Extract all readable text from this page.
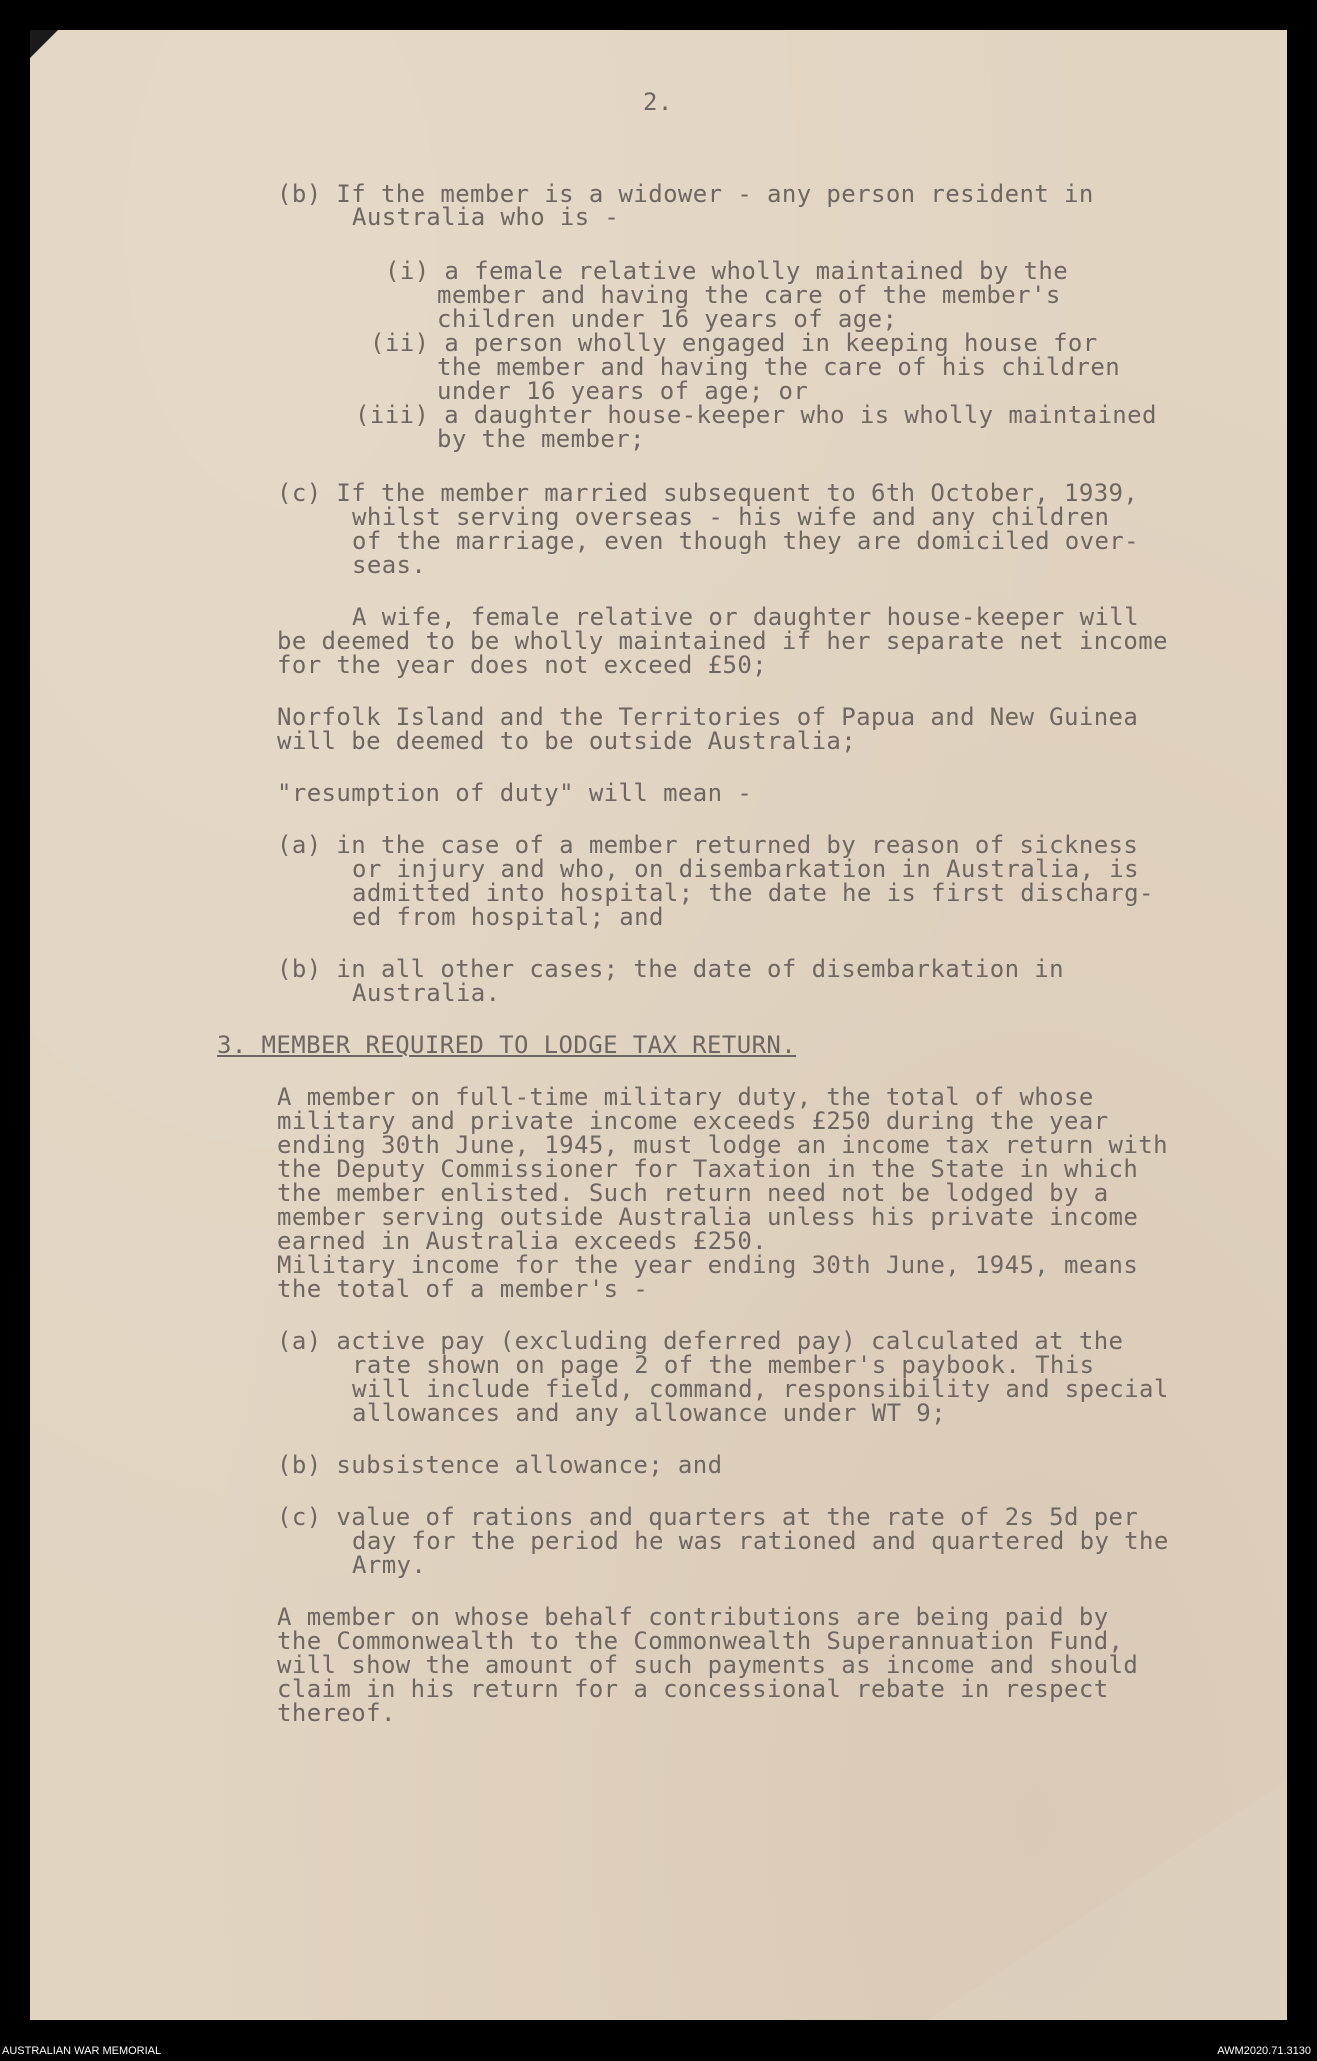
2.
(b) If the member is a widower - any person resident in
Australia who is -
(i) a female relative wholly maintained by the
member and having the care of the member's
children under 16 years of age;
(ii) a person wholly engaged in keeping house for
the member and having the care of his children
under 16 years of age; or
(iii) a daughter house-keeper who is wholly maintained
by the member;
(c) If the member married subsequent to 6th October, 1939,
whilst serving overseas - his wife and any children
of the marriage, even though they are domiciled over-
seas.
A wife, female relative or daughter house-keeper will
be deemed to be wholly maintained if her separate net income
for the year does not exceed £50;
Norfolk Island and the Territories of Papua and New Guinea
will be deemed to be outside Australia;
"resumption of duty" will mean -
(a) in the case of a member returned by reason of sickness
or injury and who, on disembarkation in Australia, is
admitted into hospital; the date he is first discharg-
ed from hospital; and
(b) in all other cases; the date of disembarkation in
Australia.
3. MEMBER REQUIRED TO LODGE TAX RETURN.
A member on full-time military duty, the total of whose
military and private income exceeds £250 during the year
ending 30th June, 1945, must lodge an income tax return with
the Deputy Commissioner for Taxation in the State in which
the member enlisted. Such return need not be lodged by a
member serving outside Australia unless his private income
earned in Australia exceeds £250.
Military income for the year ending 30th June, 1945, means
the total of a member's -
(a) active pay (excluding deferred pay) calculated at the
rate shown on page 2 of the member's paybook. This
will include field, command, responsibility and special
allowances and any allowance under WT 9;
(b) subsistence allowance; and
(c) value of rations and quarters at the rate of 2s 5d per
day for the period he was rationed and quartered by the
Army.
A member on whose behalf contributions are being paid by
the Commonwealth to the Commonwealth Superannuation Fund,
will show the amount of such payments as income and should
claim in his return for a concessional rebate in respect
thereof.
AUSTRALIAN WAR MEMORIAL	AWM2020.71.3130
